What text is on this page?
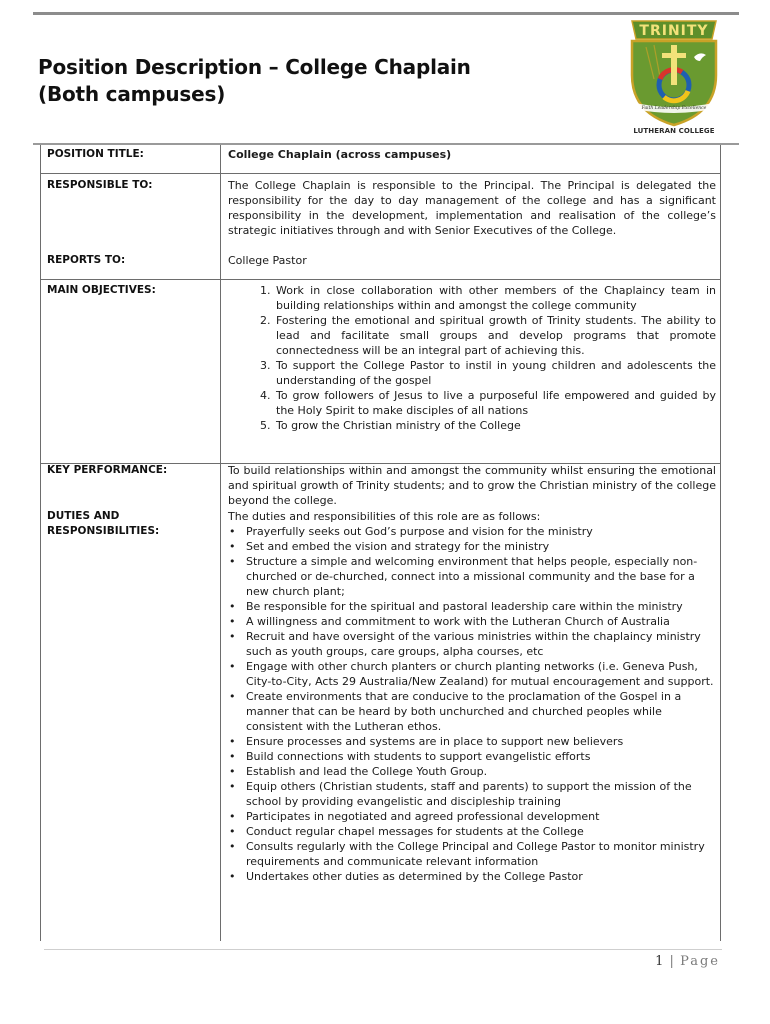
Position Description – College Chaplain
(Both campuses)
TRINITY
Faith Leadership Excellence
LUTHERAN COLLEGE
POSITION TITLE:	College Chaplain (across campuses)
RESPONSIBLE TO:	The College Chaplain is responsible to the Principal. The Principal is delegated the responsibility for the day to day management of the college and has a significant responsibility in the development, implementation and realisation of the college’s strategic initiatives through and with Senior Executives of the College.
REPORTS TO:	College Pastor
MAIN OBJECTIVES:
1.	Work in close collaboration with other members of the Chaplaincy team in building relationships within and amongst the college community
2. Fostering the emotional and spiritual growth of Trinity students. The ability to lead and facilitate small groups and develop programs that promote connectedness will be an integral part of achieving this.
3. To support the College Pastor to instil in young children and adolescents the understanding of the gospel
4. To grow followers of Jesus to live a purposeful life empowered and guided by the Holy Spirit to make disciples of all nations
5. To grow the Christian ministry of the College
KEY PERFORMANCE:	To build relationships within and amongst the community whilst ensuring the emotional and spiritual growth of Trinity students; and to grow the Christian ministry of the college beyond the college.
DUTIES AND
RESPONSIBILITIES:
The duties and responsibilities of this role are as follows:
• Prayerfully seeks out God’s purpose and vision for the ministry
• Set and embed the vision and strategy for the ministry
• Structure a simple and welcoming environment that helps people, especially non- churched or de-churched, connect into a missional community and the base for a new church plant;
• Be responsible for the spiritual and pastoral leadership care within the ministry
• A willingness and commitment to work with the Lutheran Church of Australia
• Recruit and have oversight of the various ministries within the chaplaincy ministry such as youth groups, care groups, alpha courses, etc
• Engage with other church planters or church planting networks (i.e. Geneva Push, City-to-City, Acts 29 Australia/New Zealand) for mutual encouragement and support.
• Create environments that are conducive to the proclamation of the Gospel in a manner that can be heard by both unchurched and churched peoples while consistent with the Lutheran ethos.
• Ensure processes and systems are in place to support new believers
• Build connections with students to support evangelistic efforts
• Establish and lead the College Youth Group.
• Equip others (Christian students, staff and parents) to support the mission of the school by providing evangelistic and discipleship training
• Participates in negotiated and agreed professional development
• Conduct regular chapel messages for students at the College
• Consults regularly with the College Principal and College Pastor to monitor ministry requirements and communicate relevant information
• Undertakes other duties as determined by the College Pastor
1 | Page
